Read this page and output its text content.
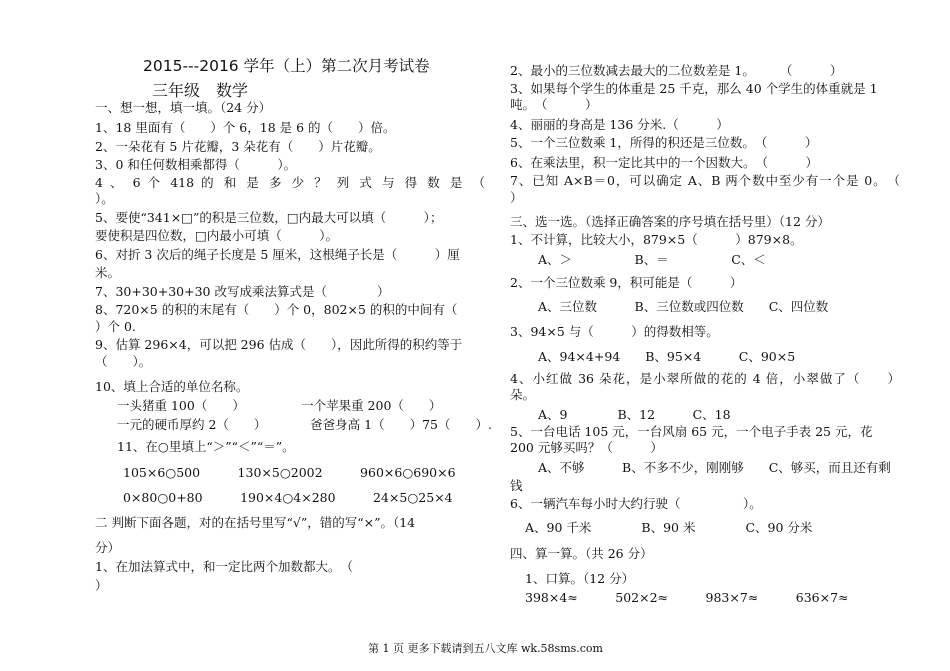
2015---2016 学年（上）第二次月考试卷
三年级　数学
一、想一想，填一填。（24 分）
1、18 里面有（　　）个 6，18 是 6 的（　　）倍。
2、一朵花有 5 片花瓣，3 朵花有（　　）片花瓣。
3、0 和任何数相乘都得（　　　）。
4 、 6 个 418 的 和 是 多 少 ？ 列 式 与 得 数 是 （
）。
5、要使“341×□”的积是三位数，□内最大可以填（　　　）；
要使积是四位数，□内最小可填（　　　）。
6、对折 3 次后的绳子长度是 5 厘米，这根绳子长是（　　　）厘
米。
7、30+30+30+30 改写成乘法算式是（　　　　）
8、720×5 的积的末尾有（　　）个 0，802×5 的积的中间有（
）个 0.
9、估算 296×4，可以把 296 估成（　　），因此所得的积约等于
（　　）。
10、填上合适的单位名称。
一头猪重 100（　　）　　　　　一个苹果重 200（　　）
一元的硬币厚约 2（　　）　　　　爸爸身高 1（　　）75（　　）.
11、在○里填上“＞”“＜”“＝”。
105×6○500　　　130×5○2002　　　960×6○690×6
0×80○0+80　　　190×4○4×280　　　24×5○25×4
二 判断下面各题，对的在括号里写“√”，错的写“×”。（14
分）
1、在加法算式中，和一定比两个加数都大。　（
）
2、最小的三位数减去最大的二位数差是 1。　　　（　　　）
3、如果每个学生的体重是 25 千克，那么 40 个学生的体重就是 1
吨。　（　　　）
4、丽丽的身高是 136 分米.（　　　）
5、一个三位数乘 1，所得的积还是三位数。　（　　　）
6、在乘法里，积一定比其中的一个因数大。　（　　　）
7、已知 A×B＝0，可以确定 A、B 两个数中至少有一个是 0。　（
）
三、选一选。（选择正确答案的序号填在括号里）（12 分）
1、不计算，比较大小，879×5（　　　）879×8。
A、＞　　　　　B、＝　　　　　C、＜
2、一个三位数乘 9，积可能是（　　　）
A、三位数　　　B、三位数或四位数　　C、四位数
3、94×5 与（　　　）的得数相等。
A、94×4+94　　B、95×4　　　C、90×5
4、小红做 36 朵花，是小翠所做的花的 4 倍，小翠做了（　　）
朵。
A、9　　　　B、12　　　C、18
5、一台电话 105 元，一台风扇 65 元，一个电子手表 25 元，花
200 元够买吗？（　　　）
A、不够　　　B、不多不少，刚刚够　　C、够买，而且还有剩
钱
6、一辆汽车每小时大约行驶（　　　　　）。
A、90 千米　　　　B、90 米　　　　C、90 分米
四、算一算。（共 26 分）
1、口算。（12 分）
398×4≈　　　502×2≈　　　983×7≈　　　636×7≈
第 1 页 更多下载请到五八文库 wk.58sms.com
